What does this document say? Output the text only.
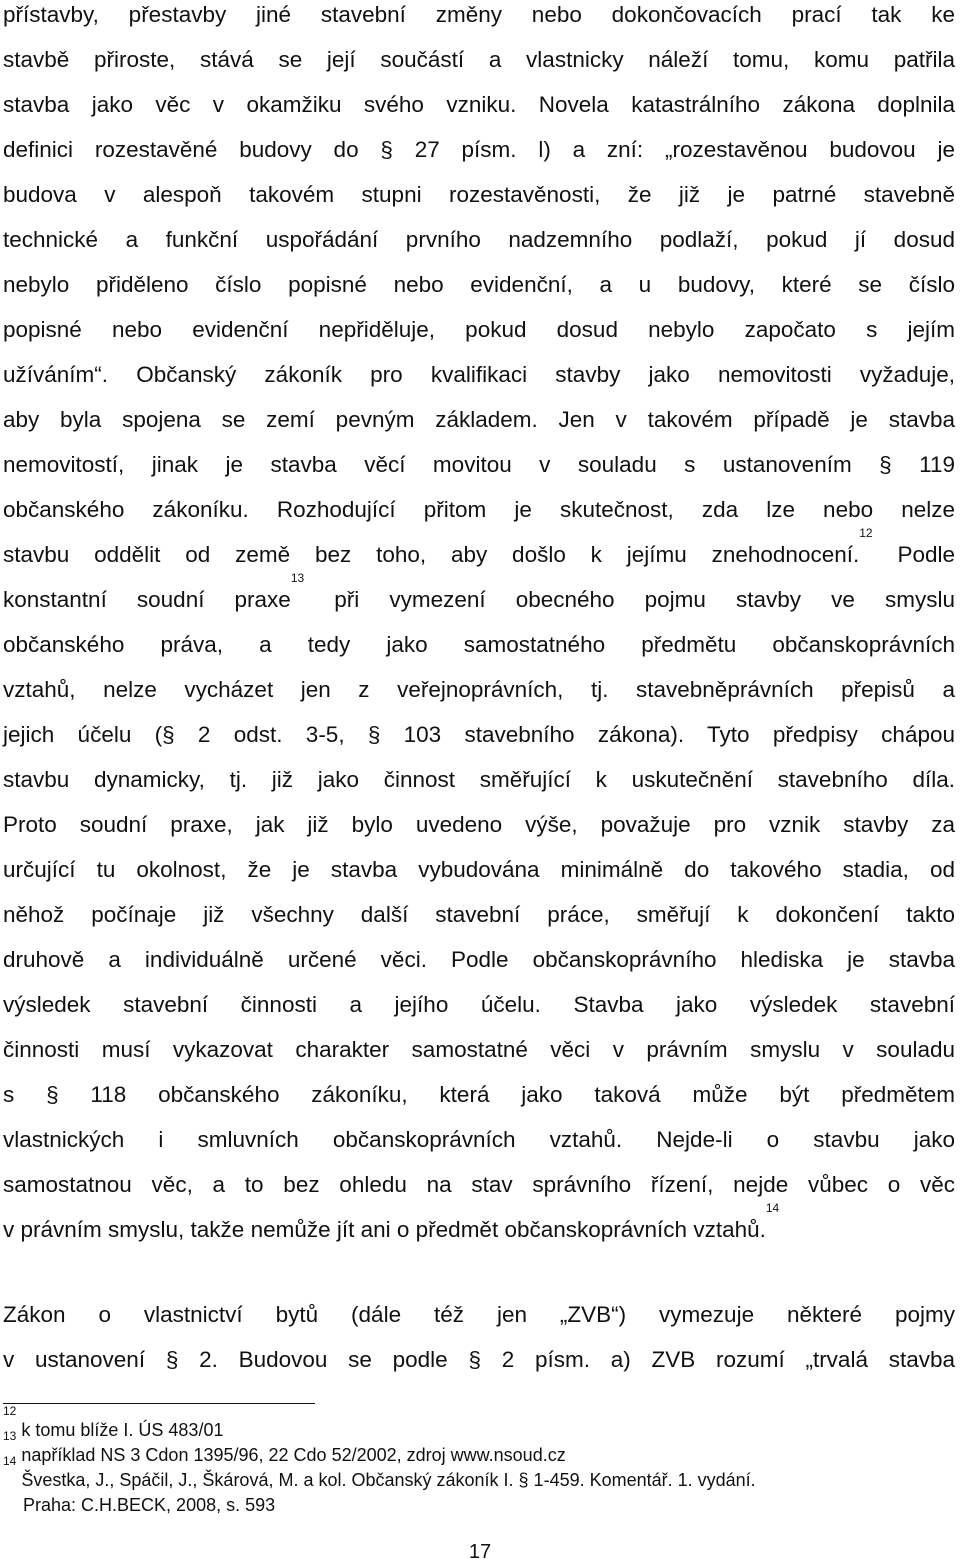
přístavby, přestavby jiné stavební změny nebo dokončovacích prací tak ke
stavbě přiroste, stává se její součástí a vlastnicky náleží tomu, komu patřila
stavba jako věc v okamžiku svého vzniku. Novela katastrálního zákona doplnila
definici rozestavěné budovy do § 27 písm. l) a zní: „rozestavěnou budovou je
budova v alespoň takovém stupni rozestavěnosti, že již je patrné stavebně
technické a funkční uspořádání prvního nadzemního podlaží, pokud jí dosud
nebylo přiděleno číslo popisné nebo evidenční, a u budovy, které se číslo
popisné nebo evidenční nepřiděluje, pokud dosud nebylo započato s jejím
užíváním“. Občanský zákoník pro kvalifikaci stavby jako nemovitosti vyžaduje,
aby byla spojena se zemí pevným základem. Jen v takovém případě je stavba
nemovitostí, jinak je stavba věcí movitou v souladu s ustanovením § 119
občanského zákoníku. Rozhodující přitom je skutečnost, zda lze nebo nelze
stavbu oddělit od země bez toho, aby došlo k jejímu znehodnocení.$^{12}$ Podle
konstantní soudní praxe$^{13}$ při vymezení obecného pojmu stavby ve smyslu
občanského práva, a tedy jako samostatného předmětu občanskoprávních
vztahů, nelze vycházet jen z veřejnoprávních, tj. stavebněprávních přepisů a
jejich účelu (§ 2 odst. 3-5, § 103 stavebního zákona). Tyto předpisy chápou
stavbu dynamicky, tj. již jako činnost směřující k uskutečnění stavebního díla.
Proto soudní praxe, jak již bylo uvedeno výše, považuje pro vznik stavby za
určující tu okolnost, že je stavba vybudována minimálně do takového stadia, od
něhož počínaje již všechny další stavební práce, směřují k dokončení takto
druhově a individuálně určené věci. Podle občanskoprávního hlediska je stavba
výsledek stavební činnosti a jejího účelu. Stavba jako výsledek stavební
činnosti musí vykazovat charakter samostatné věci v právním smyslu v souladu
s § 118 občanského zákoníku, která jako taková může být předmětem
vlastnických i smluvních občanskoprávních vztahů. Nejde-li o stavbu jako
samostatnou věc, a to bez ohledu na stav správního řízení, nejde vůbec o věc
v právním smyslu, takže nemůže jít ani o předmět občanskoprávních vztahů.$^{14}$
Zákon o vlastnictví bytů (dále též jen „ZVB“) vymezuje některé pojmy
v ustanovení § 2. Budovou se podle § 2 písm. a) ZVB rozumí „trvalá stavba
$^{12}$ k tomu blíže I. ÚS 483/01
$^{13}$ například NS 3 Cdon 1395/96, 22 Cdo 52/2002, zdroj www.nsoud.cz
$^{14}$ Švestka, J., Spáčil, J., Škárová, M. a kol. Občanský zákoník I. § 1-459. Komentář. 1. vydání.
Praha: C.H.BECK, 2008, s. 593
17
